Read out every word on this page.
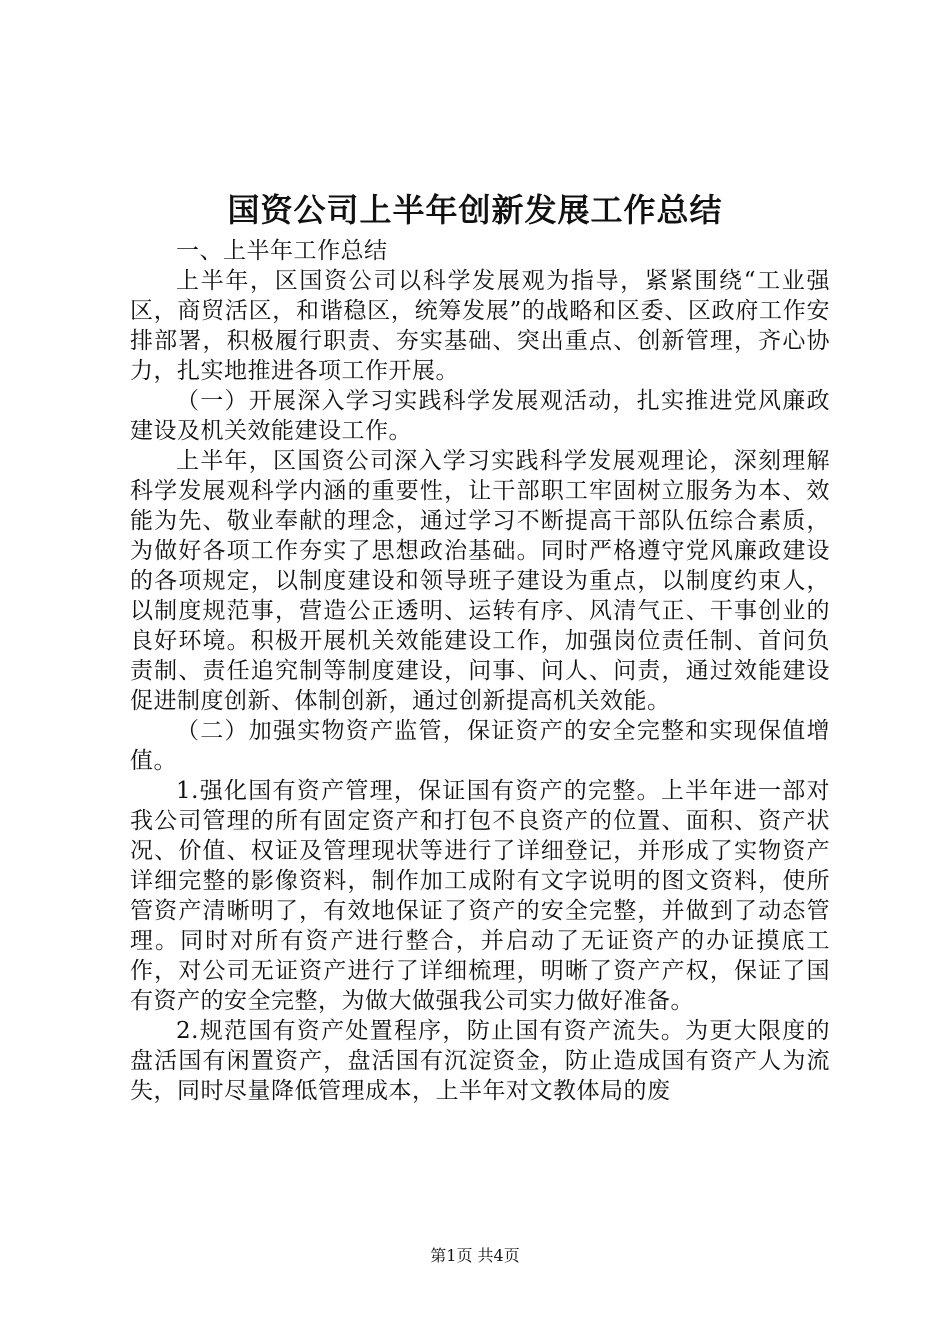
国资公司上半年创新发展工作总结

一、上半年工作总结

上半年，区国资公司以科学发展观为指导，紧紧围绕“工业强区，商贸活区，和谐稳区，统筹发展”的战略和区委、区政府工作安排部署，积极履行职责、夯实基础、突出重点、创新管理，齐心协力，扎实地推进各项工作开展。

（一）开展深入学习实践科学发展观活动，扎实推进党风廉政建设及机关效能建设工作。

上半年，区国资公司深入学习实践科学发展观理论，深刻理解科学发展观科学内涵的重要性，让干部职工牢固树立服务为本、效能为先、敬业奉献的理念，通过学习不断提高干部队伍综合素质，为做好各项工作夯实了思想政治基础。同时严格遵守党风廉政建设的各项规定，以制度建设和领导班子建设为重点，以制度约束人，以制度规范事，营造公正透明、运转有序、风清气正、干事创业的良好环境。积极开展机关效能建设工作，加强岗位责任制、首问负责制、责任追究制等制度建设，问事、问人、问责，通过效能建设促进制度创新、体制创新，通过创新提高机关效能。

（二）加强实物资产监管，保证资产的安全完整和实现保值增值。

1.强化国有资产管理，保证国有资产的完整。上半年进一部对我公司管理的所有固定资产和打包不良资产的位置、面积、资产状况、价值、权证及管理现状等进行了详细登记，并形成了实物资产详细完整的影像资料，制作加工成附有文字说明的图文资料，使所管资产清晰明了，有效地保证了资产的安全完整，并做到了动态管理。同时对所有资产进行整合，并启动了无证资产的办证摸底工作，对公司无证资产进行了详细梳理，明晰了资产产权，保证了国有资产的安全完整，为做大做强我公司实力做好准备。

2.规范国有资产处置程序，防止国有资产流失。为更大限度的盘活国有闲置资产，盘活国有沉淀资金，防止造成国有资产人为流失，同时尽量降低管理成本，上半年对文教体局的废

第1页 共4页
